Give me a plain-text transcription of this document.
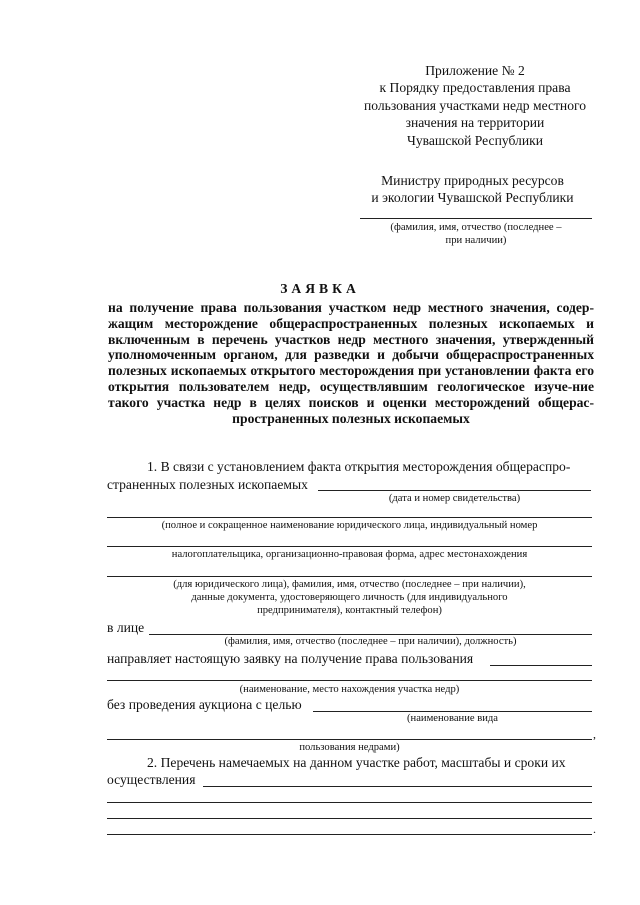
Приложение № 2
к Порядку предоставления права
пользования участками недр местного
значения на территории
Чувашской Республики
Министру природных ресурсов
и экологии Чувашской Республики
(фамилия, имя, отчество (последнее –
при наличии)
ЗАЯВКА
на получение права пользования участком недр местного значения, содер-жащим месторождение общераспространенных полезных ископаемых и включенным в перечень участков недр местного значения, утвержденный уполномоченным органом, для разведки и добычи общераспространенных полезных ископаемых открытого месторождения при установлении факта его открытия пользователем недр, осуществлявшим геологическое изуче-ние такого участка недр в целях поисков и оценки месторождений общерас-пространенных полезных ископаемых
1. В связи с установлением факта открытия месторождения общераспро-
страненных полезных ископаемых
(дата и номер свидетельства)
(полное и сокращенное наименование юридического лица, индивидуальный номер
налогоплательщика, организационно-правовая форма, адрес местонахождения
(для юридического лица), фамилия, имя, отчество (последнее – при наличии),
данные документа, удостоверяющего личность (для индивидуального
предпринимателя), контактный телефон)
в лице
(фамилия, имя, отчество (последнее – при наличии), должность)
направляет настоящую заявку на получение права пользования
(наименование, место нахождения участка недр)
без проведения аукциона с целью
(наименование вида
,
пользования недрами)
2. Перечень намечаемых на данном участке работ, масштабы и сроки их
осуществления
.
